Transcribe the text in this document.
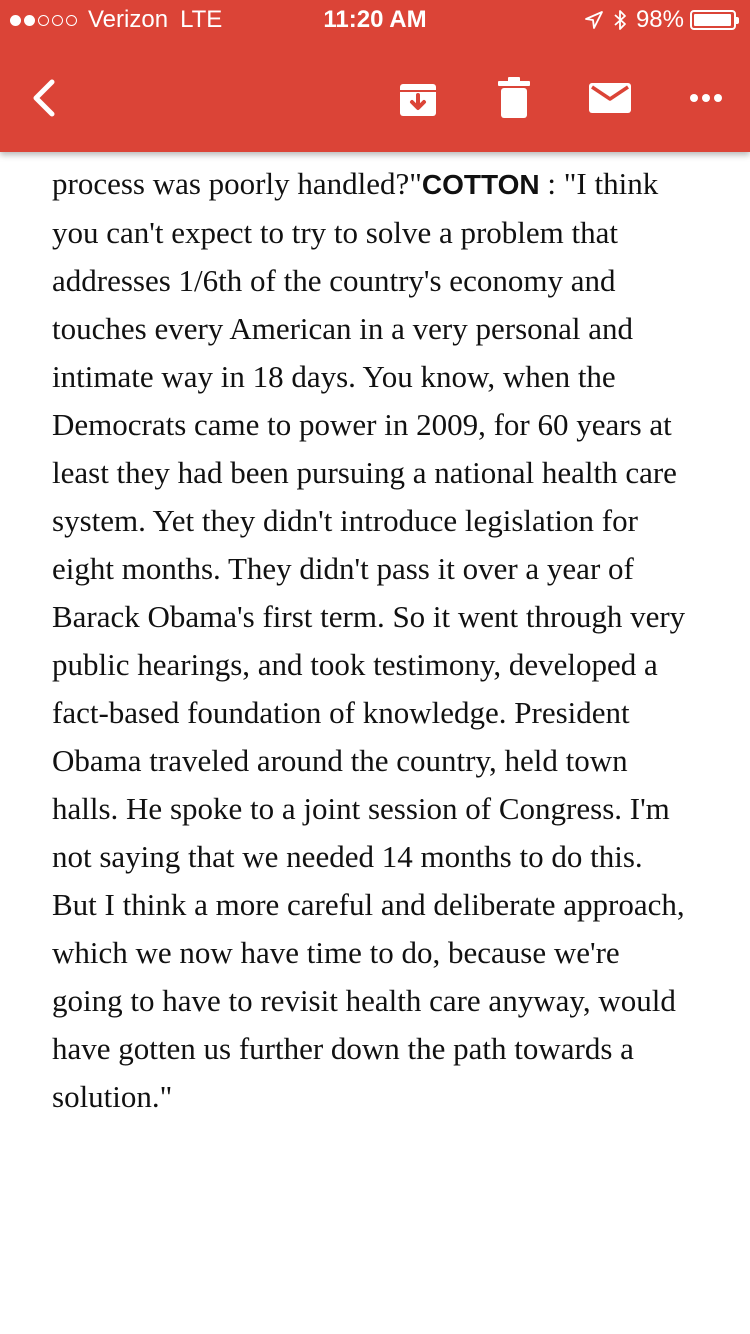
Verizon LTE	11:20 AM	98%
process was poorly handled?"COTTON : "I think you can't expect to try to solve a problem that addresses 1/6th of the country's economy and touches every American in a very personal and intimate way in 18 days. You know, when the Democrats came to power in 2009, for 60 years at least they had been pursuing a national health care system. Yet they didn't introduce legislation for eight months. They didn't pass it over a year of Barack Obama's first term. So it went through very public hearings, and took testimony, developed a fact-based foundation of knowledge. President Obama traveled around the country, held town halls. He spoke to a joint session of Congress. I'm not saying that we needed 14 months to do this. But I think a more careful and deliberate approach, which we now have time to do, because we're going to have to revisit health care anyway, would have gotten us further down the path towards a solution."
